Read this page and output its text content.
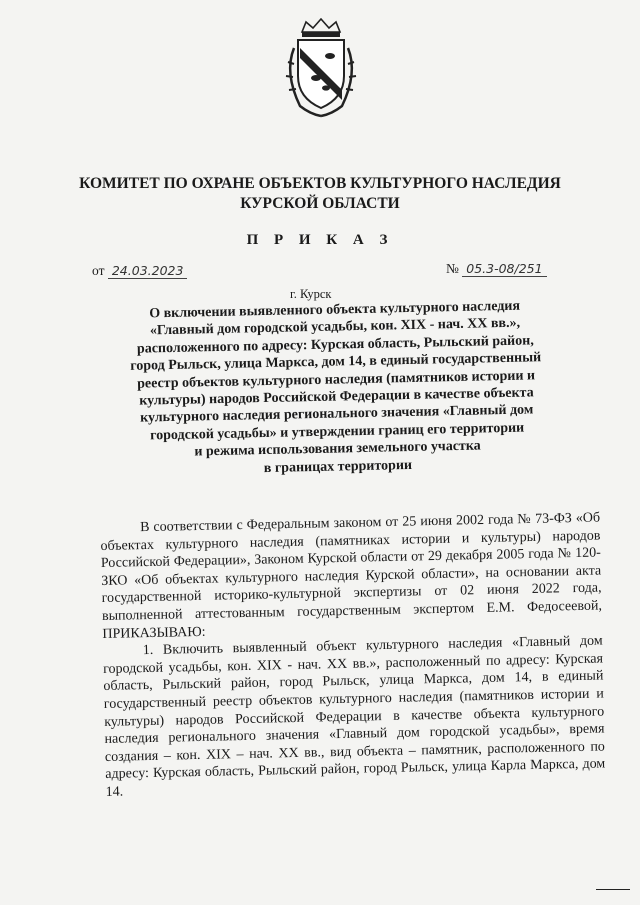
КОМИТЕТ ПО ОХРАНЕ ОБЪЕКТОВ КУЛЬТУРНОГО НАСЛЕДИЯ
КУРСКОЙ ОБЛАСТИ
П Р И К А З
от 24.03.2023	№ 05.3-08/251
г. Курск
О включении выявленного объекта культурного наследия
«Главный дом городской усадьбы, кон. XIX - нач. XX вв.»,
расположенного по адресу: Курская область, Рыльский район,
город Рыльск, улица Маркса, дом 14, в единый государственный
реестр объектов культурного наследия (памятников истории и
культуры) народов Российской Федерации в качестве объекта
культурного наследия регионального значения «Главный дом
городской усадьбы» и утверждении границ его территории
и режима использования земельного участка
в границах территории

В соответствии с Федеральным законом от 25 июня 2002 года № 73-ФЗ «Об объектах культурного наследия (памятниках истории и культуры) народов Российской Федерации», Законом Курской области от 29 декабря 2005 года № 120-ЗКО «Об объектах культурного наследия Курской области», на основании акта государственной историко-культурной экспертизы от 02 июня 2022 года, выполненной аттестованным государственным экспертом Е.М. Федосеевой, ПРИКАЗЫВАЮ:

1. Включить выявленный объект культурного наследия «Главный дом городской усадьбы, кон. XIX - нач. XX вв.», расположенный по адресу: Курская область, Рыльский район, город Рыльск, улица Маркса, дом 14, в единый государственный реестр объектов культурного наследия (памятников истории и культуры) народов Российской Федерации в качестве объекта культурного наследия регионального значения «Главный дом городской усадьбы», время создания – кон. XIX – нач. XX вв., вид объекта – памятник, расположенного по адресу: Курская область, Рыльский район, город Рыльск, улица Карла Маркса, дом 14.
